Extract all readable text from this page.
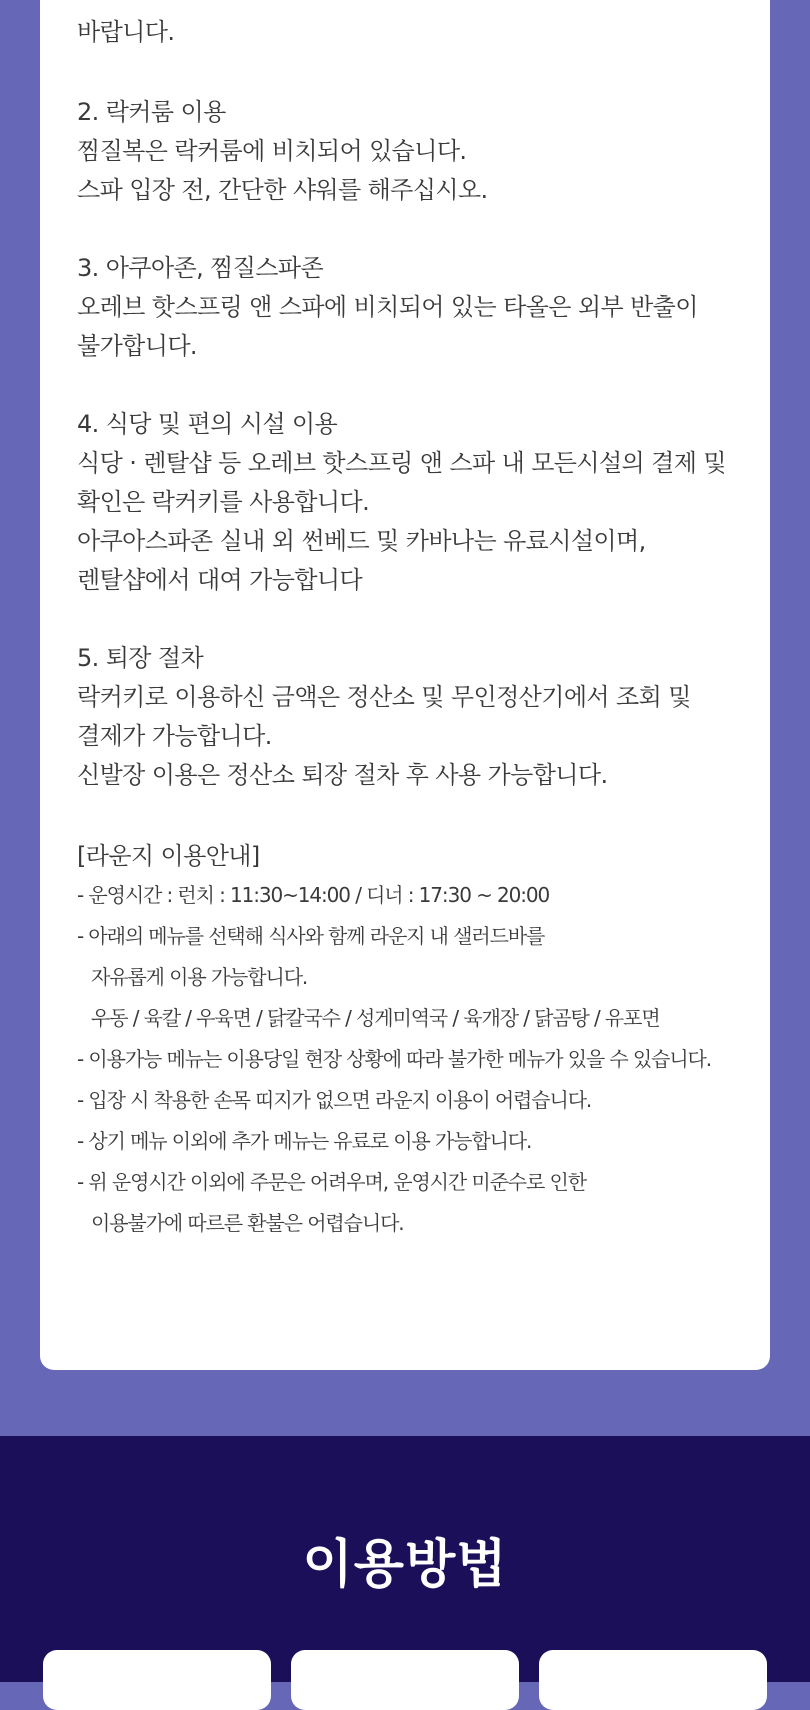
바랍니다.
2. 락커룸 이용
찜질복은 락커룸에 비치되어 있습니다.
스파 입장 전, 간단한 샤워를 해주십시오.
3. 아쿠아존, 찜질스파존
오레브 핫스프링 앤 스파에 비치되어 있는 타올은 외부 반출이
불가합니다.
4. 식당 및 편의 시설 이용
식당 · 렌탈샵 등 오레브 핫스프링 앤 스파 내 모든시설의 결제 및
확인은 락커키를 사용합니다.
아쿠아스파존 실내 외 썬베드 및 카바나는 유료시설이며,
렌탈샵에서 대여 가능합니다
5. 퇴장 절차
락커키로 이용하신 금액은 정산소 및 무인정산기에서 조회 및
결제가 가능합니다.
신발장 이용은 정산소 퇴장 절차 후 사용 가능합니다.
[라운지 이용안내]
- 운영시간 : 런치 : 11:30~14:00 / 디너 : 17:30 ~ 20:00
- 아래의 메뉴를 선택해 식사와 함께 라운지 내 샐러드바를
자유롭게 이용 가능합니다.
우동 / 육칼 / 우육면 / 닭칼국수 / 성게미역국 / 육개장 / 닭곰탕 / 유포면
- 이용가능 메뉴는 이용당일 현장 상황에 따라 불가한 메뉴가 있을 수 있습니다.
- 입장 시 착용한 손목 띠지가 없으면 라운지 이용이 어렵습니다.
- 상기 메뉴 이외에 추가 메뉴는 유료로 이용 가능합니다.
- 위 운영시간 이외에 주문은 어려우며, 운영시간 미준수로 인한
이용불가에 따르른 환불은 어렵습니다.
이용방법
